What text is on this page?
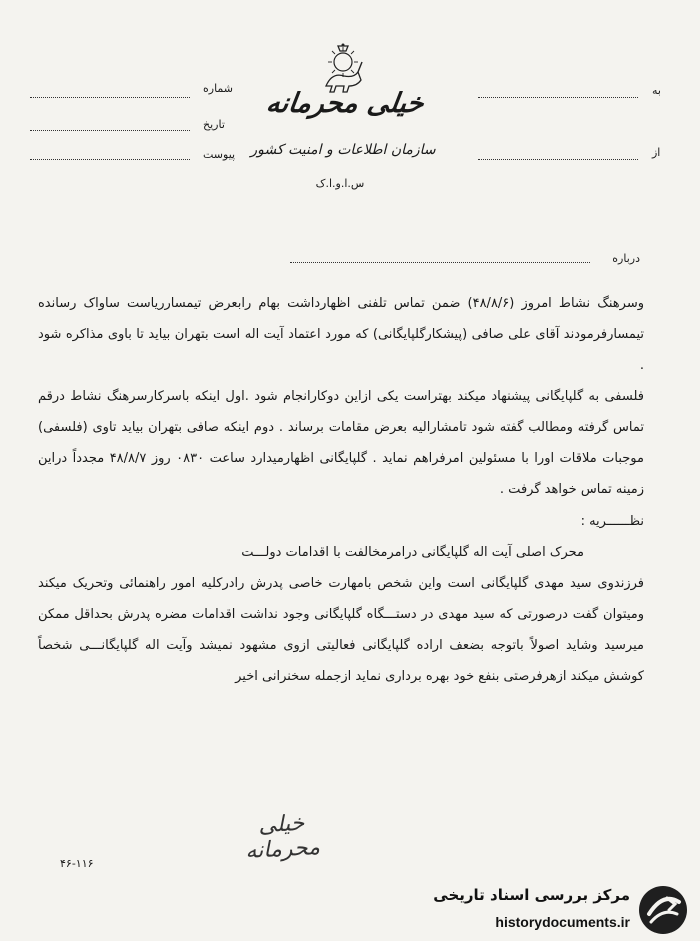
خیلی محرمانه
سازمان اطلاعات و امنیت کشور
س.ا.و.ا.ک
شماره
تاریخ
پیوست
به
از
درباره

وسرهنگ نشاط امروز (۴۸/۸/۶) ضمن تماس تلفنی اظهارداشت بهام رابعرض تیمسارریاست ساواک رسانده تیمسارفرمودند آقای علی صافی (پیشکارگلپایگانی) که مورد اعتماد آیت اله است بتهران بیاید تا باوی مذاکره شود .

فلسفی به گلپایگانی پیشنهاد میکند بهتراست یکی ازاین دوکارانجام شود .اول اینکه باسرکارسرهنگ نشاط درقم تماس گرفته ومطالب گفته شود تامشارالیه بعرض مقامات برساند . دوم اینکه صافی بتهران بیاید تاوی (فلسفی) موجبات ملاقات اورا با مسئولین امرفراهم نماید . گلپایگانی اظهارمیدارد ساعت ۰۸۳۰ روز ۴۸/۸/۷ مجدداً دراین زمینه تماس خواهد گرفت .

نظــــــریه :

محرک اصلی آیت اله گلپایگانی درامرمخالفت با اقدامات دولـــت

فرزندوی سید مهدی گلپایگانی است واین شخص بامهارت خاصی پدرش رادرکلیه امور راهنمائی وتحریک میکند ومیتوان گفت درصورتی که سید مهدی در دستـــگاه گلپایگانی وجود نداشت اقدامات مضره پدرش بحداقل ممکن میرسید وشاید اصولاً باتوجه بضعف اراده گلپایگانی فعالیتی ازوی مشهود نمیشد وآیت اله گلپایگانـــی شخصاً کوشش میکند ازهرفرصتی بنفع خود بهره برداری نماید ازجمله سخنرانی اخیر

خیلی محرمانه
۴۶-۱۱۶
مرکز بررسی اسناد تاریخی
historydocuments.ir
